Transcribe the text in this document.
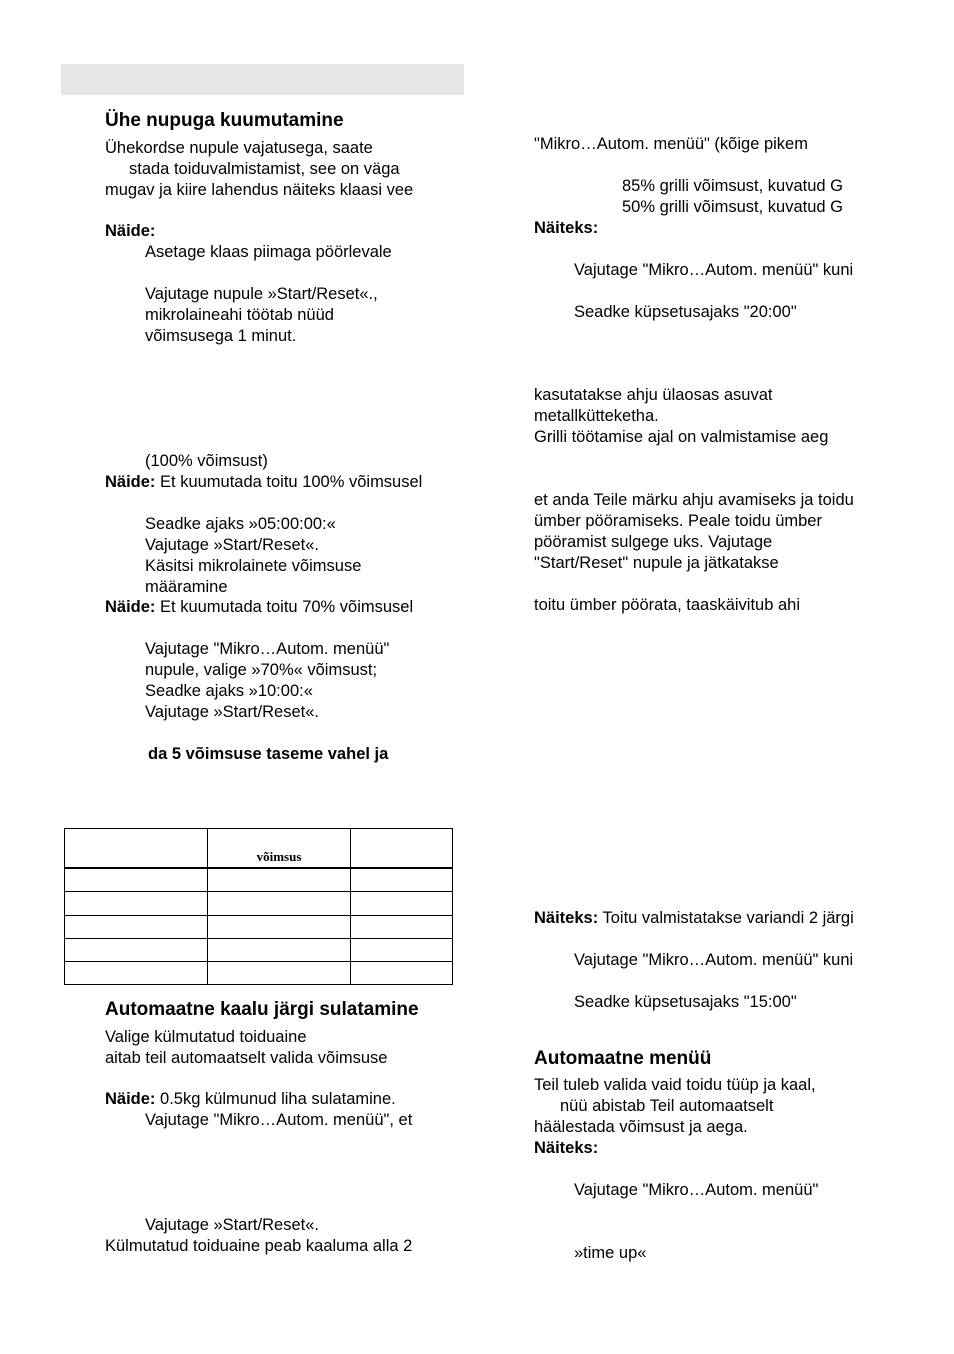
Ühe nupuga kuumutamine
Ühekordse nupule vajatusega, saate
stada toiduvalmistamist, see on väga
mugav ja kiire lahendus näiteks klaasi vee
Näide:
Asetage klaas piimaga pöörlevale
Vajutage nupule »Start/Reset«.,
mikrolaineahi töötab nüüd
võimsusega 1 minut.
(100% võimsust)
Näide: Et kuumutada toitu 100% võimsusel
Seadke ajaks »05:00:00:«
Vajutage »Start/Reset«.
Käsitsi mikrolainete võimsuse
määramine
Näide: Et kuumutada toitu 70% võimsusel
Vajutage "Mikro…Autom. menüü"
nupule, valige »70%« võimsust;
Seadke ajaks »10:00:«
Vajutage »Start/Reset«.
da 5 võimsuse taseme vahel ja
	võimsus	

Automaatne kaalu järgi sulatamine
Valige külmutatud toiduaine
aitab teil automaatselt valida võimsuse
Näide: 0.5kg külmunud liha sulatamine.
Vajutage "Mikro…Autom. menüü", et
Vajutage »Start/Reset«.
Külmutatud toiduaine peab kaaluma alla 2
"Mikro…Autom. menüü" (kõige pikem
85% grilli võimsust, kuvatud G
50% grilli võimsust, kuvatud G
Näiteks:
Vajutage "Mikro…Autom. menüü" kuni
Seadke küpsetusajaks "20:00"
kasutatakse ahju ülaosas asuvat
metallkütteketha.
Grilli töötamise ajal on valmistamise aeg
et anda Teile märku ahju avamiseks ja toidu
ümber pööramiseks. Peale toidu ümber
pööramist sulgege uks. Vajutage
"Start/Reset" nupule ja jätkatakse
toitu ümber pöörata, taaskäivitub ahi
Näiteks: Toitu valmistatakse variandi 2 järgi
Vajutage "Mikro…Autom. menüü" kuni
Seadke küpsetusajaks "15:00"
Automaatne menüü
Teil tuleb valida vaid toidu tüüp ja kaal,
nüü abistab Teil automaatselt
häälestada võimsust ja aega.
Näiteks:
Vajutage "Mikro…Autom. menüü"
»time up«
